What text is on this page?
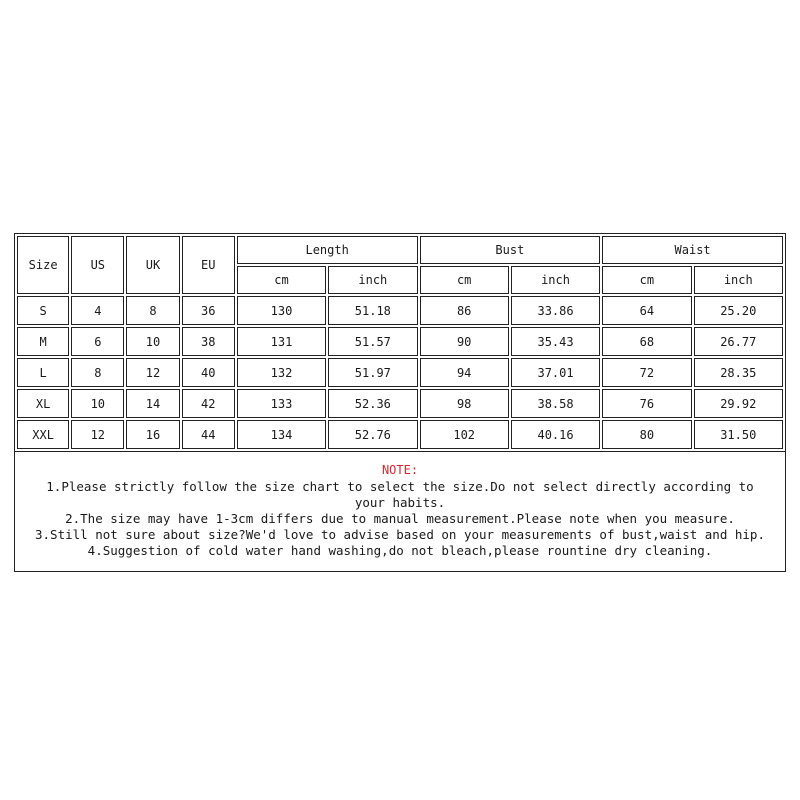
Size	US	UK	EU	Length		Bust		Waist	
				cm	inch	cm	inch	cm	inch
S	4	8	36	130	51.18	86	33.86	64	25.20
M	6	10	38	131	51.57	90	35.43	68	26.77
L	8	12	40	132	51.97	94	37.01	72	28.35
XL	10	14	42	133	52.36	98	38.58	76	29.92
XXL	12	16	44	134	52.76	102	40.16	80	31.50
NOTE:
1.Please strictly follow the size chart to select the size.Do not select directly according to your habits.
2.The size may have 1-3cm differs due to manual measurement.Please note when you measure.
3.Still not sure about size?We'd love to advise based on your measurements of bust,waist and hip.
4.Suggestion of cold water hand washing,do not bleach,please rountine dry cleaning.
